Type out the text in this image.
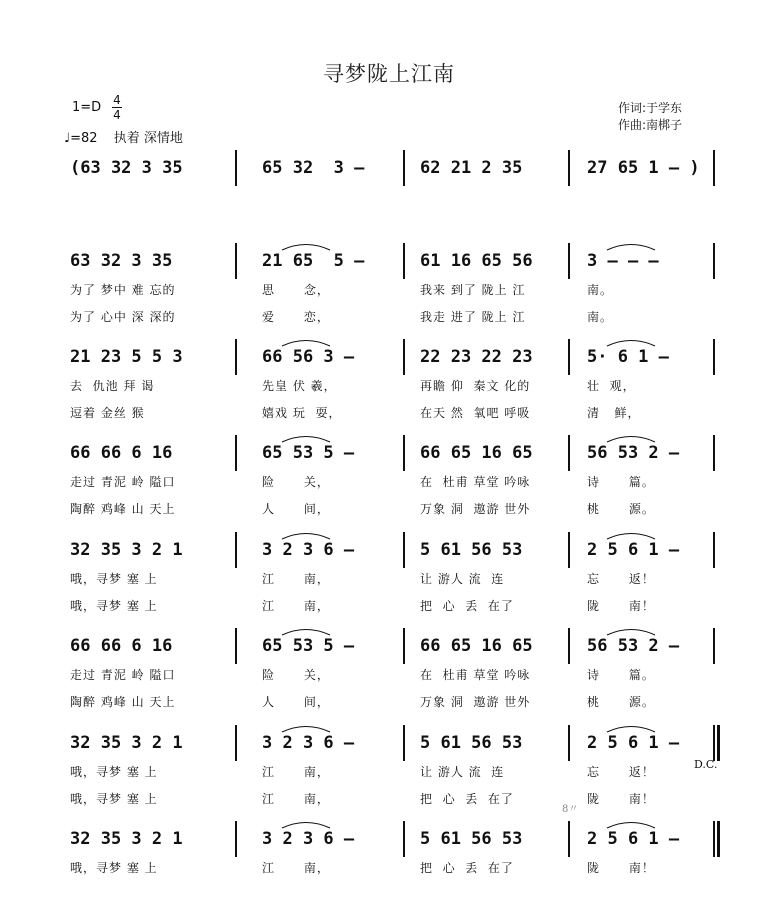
寻梦陇上江南
1=D 4
4
♩=82 执着 深情地
作词:于学东
作曲:南梆子
(63 32 3 35	65 32  3 –	62 21 2 35	27 65 1 – )
63 32 3 35	21 65  5 –	61 16 65 56	3 – – –
为了 梦中 难 忘的	思      念，	我来 到了 陇上 江	南。
为了 心中 深 深的	爱      恋，	我走 进了 陇上 江	南。
21 23 5 5 3	66 56 3 –	22 23 22 23	5· 6 1 –
去  仇池 拜 谒	先皇 伏 羲，	再瞻 仰  秦文 化的	壮  观，
逗着 金丝 猴	嬉戏 玩  耍，	在天 然  氧吧 呼吸	清   鲜，
66 66 6 16	65 53 5 –	66 65 16 65	56 53 2 –
走过 青泥 岭 隘口	险      关，	在  杜甫 草堂 吟咏	诗      篇。
陶醉 鸡峰 山 天上	人      间，	万象 洞  遨游 世外	桃      源。
32 35 3 2 1	3 2 3 6 –	5 61 56 53	2 5 6 1 –
哦，寻梦 塞 上	江      南，	让 游人 流  连	忘      返！
哦，寻梦 塞 上	江      南，	把  心  丢  在了	陇      南！
66 66 6 16	65 53 5 –	66 65 16 65	56 53 2 –
走过 青泥 岭 隘口	险      关，	在  杜甫 草堂 吟咏	诗      篇。
陶醉 鸡峰 山 天上	人      间，	万象 洞  遨游 世外	桃      源。
32 35 3 2 1	3 2 3 6 –	5 61 56 53	2 5 6 1 –
哦，寻梦 塞 上	江      南，	让 游人 流  连	忘      返！
哦，寻梦 塞 上	江      南，	把  心  丢  在了	陇      南！
32 35 3 2 1	3 2 3 6 –	5 61 56 53	2 5 6 1 –
哦，寻梦 塞 上	江      南，	把  心  丢  在了	陇      南！
D.C.
8〃
